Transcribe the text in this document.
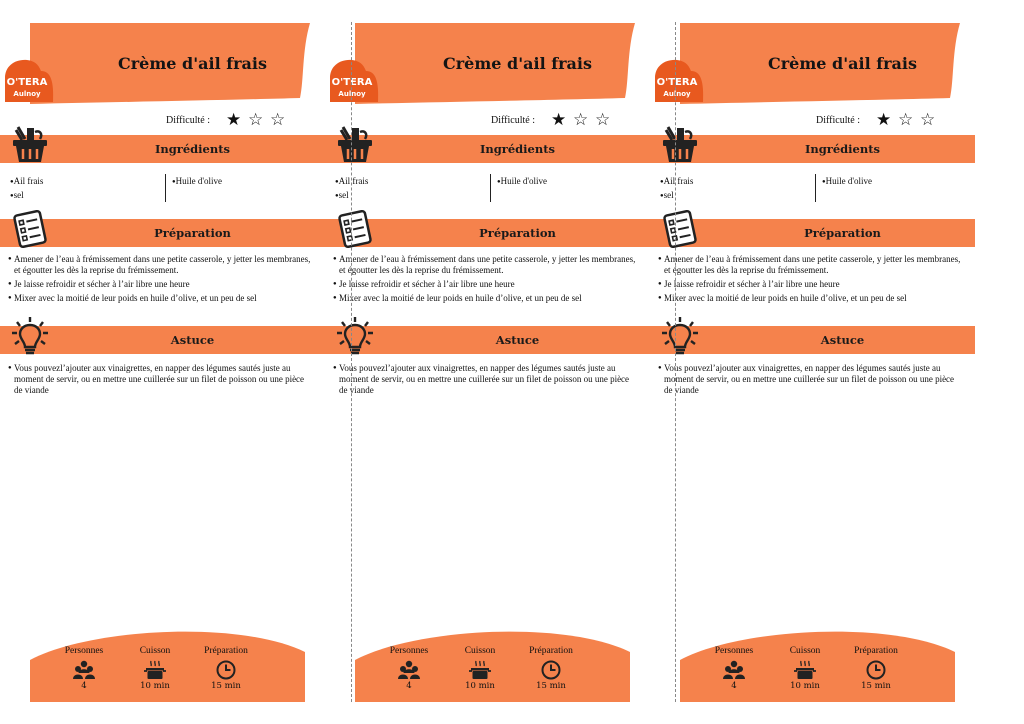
Crème d'ail frais
O'TERA
Aulnoy
Difficulté : ★ ☆ ☆
Ingrédients
●Ail frais
●sel
●Huile d'olive
Préparation
● Amener de l’eau à frémissement dans une petite casserole, y jetter les membranes, et égoutter les dès la reprise du frémissement.
● Je laisse refroidir et sécher à l’air libre une heure
● Mixer avec la moitié de leur poids en huile d’olive, et un peu de sel
Astuce
● Vous pouvezl’ajouter aux vinaigrettes, en napper des légumes sautés juste au moment de servir, ou en mettre une cuillerée sur un filet de poisson ou une pièce de viande
Personnes
4
Cuisson
10 min
Préparation
15 min
Crème d'ail frais
O'TERA
Aulnoy
Difficulté : ★ ☆ ☆
Ingrédients
●Ail frais
●sel
●Huile d'olive
Préparation
● Amener de l’eau à frémissement dans une petite casserole, y jetter les membranes, et égoutter les dès la reprise du frémissement.
● Je laisse refroidir et sécher à l’air libre une heure
● Mixer avec la moitié de leur poids en huile d’olive, et un peu de sel
Astuce
● Vous pouvezl’ajouter aux vinaigrettes, en napper des légumes sautés juste au moment de servir, ou en mettre une cuillerée sur un filet de poisson ou une pièce de viande
Personnes
4
Cuisson
10 min
Préparation
15 min
Crème d'ail frais
O'TERA
Aulnoy
Difficulté : ★ ☆ ☆
Ingrédients
●Ail frais
●sel
●Huile d'olive
Préparation
● Amener de l’eau à frémissement dans une petite casserole, y jetter les membranes, et égoutter les dès la reprise du frémissement.
● Je laisse refroidir et sécher à l’air libre une heure
● Mixer avec la moitié de leur poids en huile d’olive, et un peu de sel
Astuce
● Vous pouvezl’ajouter aux vinaigrettes, en napper des légumes sautés juste au moment de servir, ou en mettre une cuillerée sur un filet de poisson ou une pièce de viande
Personnes
4
Cuisson
10 min
Préparation
15 min
